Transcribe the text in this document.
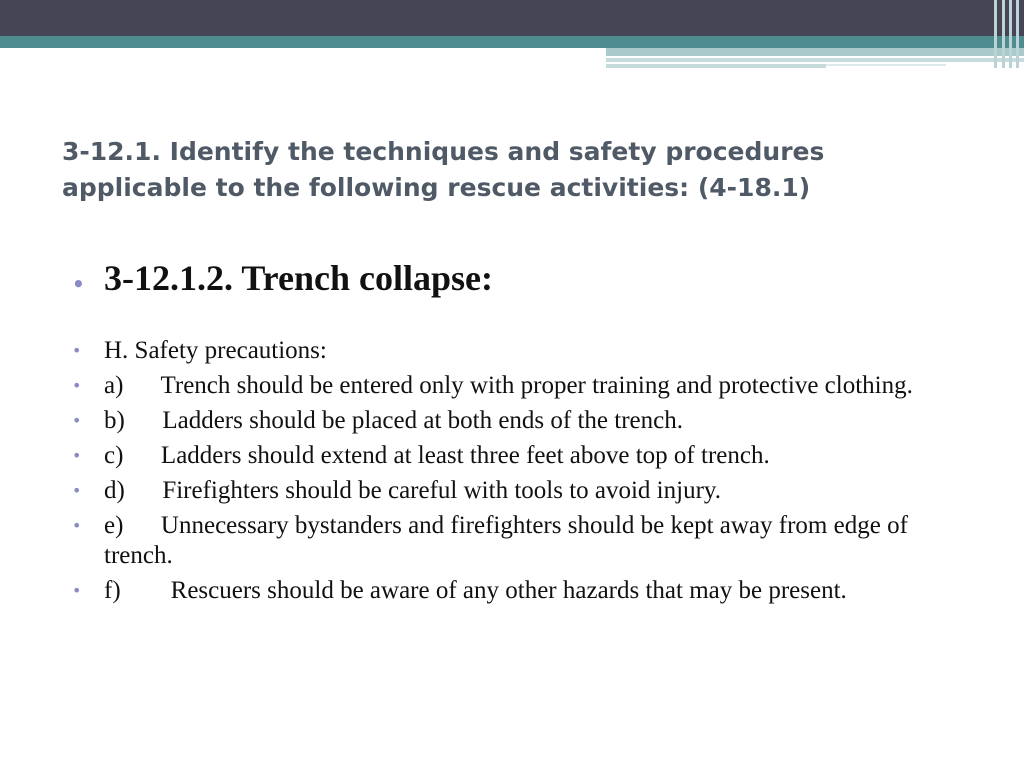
3-12.1. Identify the techniques and safety procedures applicable to the following rescue activities: (4-18.1)
• 3-12.1.2. Trench collapse:
• H. Safety precautions:
• a)      Trench should be entered only with proper training and protective clothing.
• b)      Ladders should be placed at both ends of the trench.
• c)      Ladders should extend at least three feet above top of trench.
• d)      Firefighters should be careful with tools to avoid injury.
• e)      Unnecessary bystanders and firefighters should be kept away from edge of trench.
• f)        Rescuers should be aware of any other hazards that may be present.
